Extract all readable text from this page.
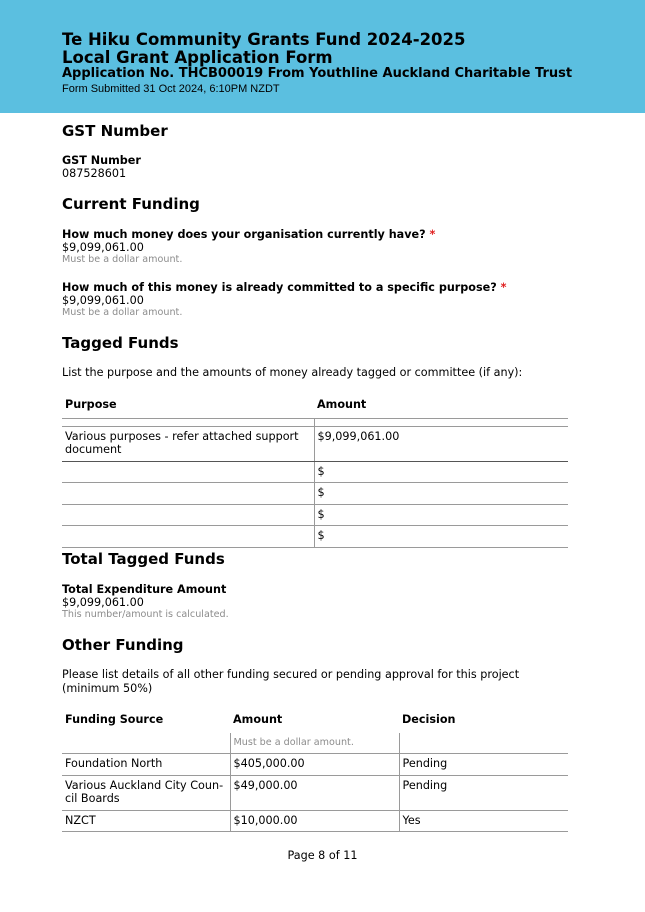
Te Hiku Community Grants Fund 2024-2025
Local Grant Application Form
Application No. THCB00019 From Youthline Auckland Charitable Trust
Form Submitted 31 Oct 2024, 6:10PM NZDT
GST Number
GST Number
087528601
Current Funding
How much money does your organisation currently have? *
$9,099,061.00
Must be a dollar amount.
How much of this money is already committed to a specific purpose? *
$9,099,061.00
Must be a dollar amount.
Tagged Funds
List the purpose and the amounts of money already tagged or committee (if any):
Purpose	Amount

Various purposes - refer attached support document	$9,099,061.00
	$
	$
	$
	$
Total Tagged Funds
Total Expenditure Amount
$9,099,061.00
This number/amount is calculated.
Other Funding
Please list details of all other funding secured or pending approval for this project (minimum 50%)
Funding Source	Amount	Decision
	Must be a dollar amount.	
Foundation North	$405,000.00	Pending
Various Auckland City Coun-cil Boards	$49,000.00	Pending
NZCT	$10,000.00	Yes
Page 8 of 11
